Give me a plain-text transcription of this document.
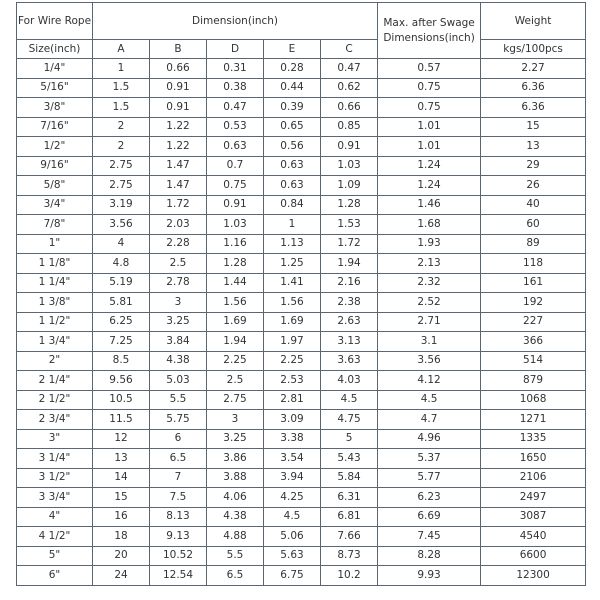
For Wire Rope	Dimension(inch)					Max. after Swage Dimensions(inch)	Weight
Size(inch)	A	B	D	E	C		kgs/100pcs
1/4"	1	0.66	0.31	0.28	0.47	0.57	2.27
5/16"	1.5	0.91	0.38	0.44	0.62	0.75	6.36
3/8"	1.5	0.91	0.47	0.39	0.66	0.75	6.36
7/16"	2	1.22	0.53	0.65	0.85	1.01	15
1/2"	2	1.22	0.63	0.56	0.91	1.01	13
9/16"	2.75	1.47	0.7	0.63	1.03	1.24	29
5/8"	2.75	1.47	0.75	0.63	1.09	1.24	26
3/4"	3.19	1.72	0.91	0.84	1.28	1.46	40
7/8"	3.56	2.03	1.03	1	1.53	1.68	60
1"	4	2.28	1.16	1.13	1.72	1.93	89
1 1/8"	4.8	2.5	1.28	1.25	1.94	2.13	118
1 1/4"	5.19	2.78	1.44	1.41	2.16	2.32	161
1 3/8"	5.81	3	1.56	1.56	2.38	2.52	192
1 1/2"	6.25	3.25	1.69	1.69	2.63	2.71	227
1 3/4"	7.25	3.84	1.94	1.97	3.13	3.1	366
2"	8.5	4.38	2.25	2.25	3.63	3.56	514
2 1/4"	9.56	5.03	2.5	2.53	4.03	4.12	879
2 1/2"	10.5	5.5	2.75	2.81	4.5	4.5	1068
2 3/4"	11.5	5.75	3	3.09	4.75	4.7	1271
3"	12	6	3.25	3.38	5	4.96	1335
3 1/4"	13	6.5	3.86	3.54	5.43	5.37	1650
3 1/2"	14	7	3.88	3.94	5.84	5.77	2106
3 3/4"	15	7.5	4.06	4.25	6.31	6.23	2497
4"	16	8.13	4.38	4.5	6.81	6.69	3087
4 1/2"	18	9.13	4.88	5.06	7.66	7.45	4540
5"	20	10.52	5.5	5.63	8.73	8.28	6600
6"	24	12.54	6.5	6.75	10.2	9.93	12300
